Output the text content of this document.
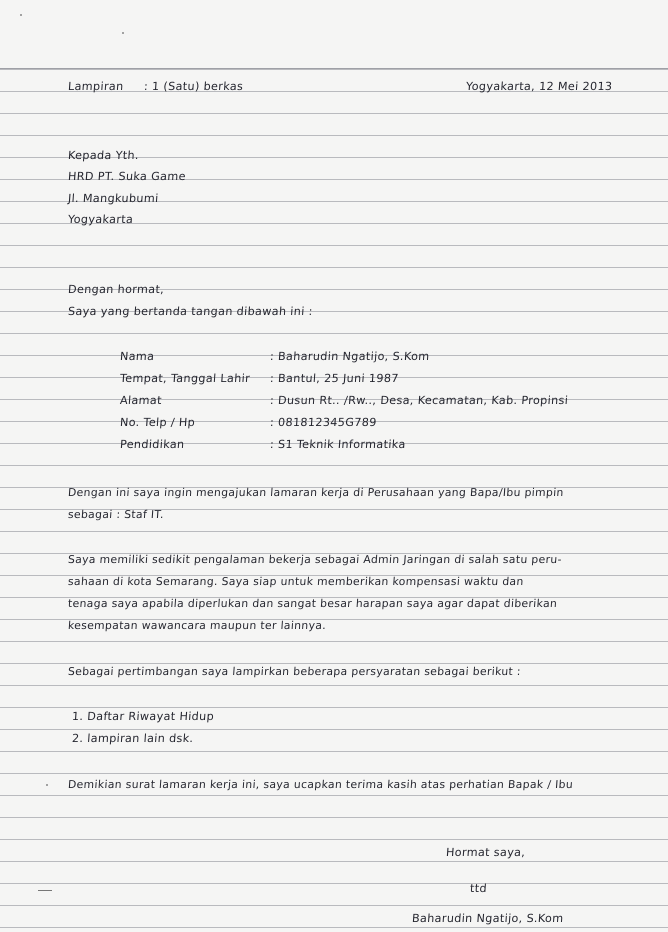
Lampiran : 1 (Satu) berkas	Yogyakarta, 12 Mei 2013
Kepada Yth.
HRD PT. Suka Game
Jl. Mangkubumi
Yogyakarta
Dengan hormat,
Saya yang bertanda tangan dibawah ini :
Nama	: Baharudin Ngatijo, S.Kom
Tempat, Tanggal Lahir : Bantul, 25 Juni 1987
Alamat	: Dusun Rt.. /Rw.., Desa, Kecamatan, Kab. Propinsi
No. Telp / Hp	: 081812345G789
Pendidikan	: S1 Teknik Informatika
Dengan ini saya ingin mengajukan lamaran kerja di Perusahaan yang Bapa/Ibu pimpin
sebagai : Staf IT.
Saya memiliki sedikit pengalaman bekerja sebagai Admin Jaringan di salah satu peru-
sahaan di kota Semarang. Saya siap untuk memberikan kompensasi waktu dan
tenaga saya apabila diperlukan dan sangat besar harapan saya agar dapat diberikan
kesempatan wawancara maupun ter lainnya.
Sebagai pertimbangan saya lampirkan beberapa persyaratan sebagai berikut :
1. Daftar Riwayat Hidup
2. lampiran lain dsk.
Demikian surat lamaran kerja ini, saya ucapkan terima kasih atas perhatian Bapak / Ibu
Hormat saya,
ttd
Baharudin Ngatijo, S.Kom
